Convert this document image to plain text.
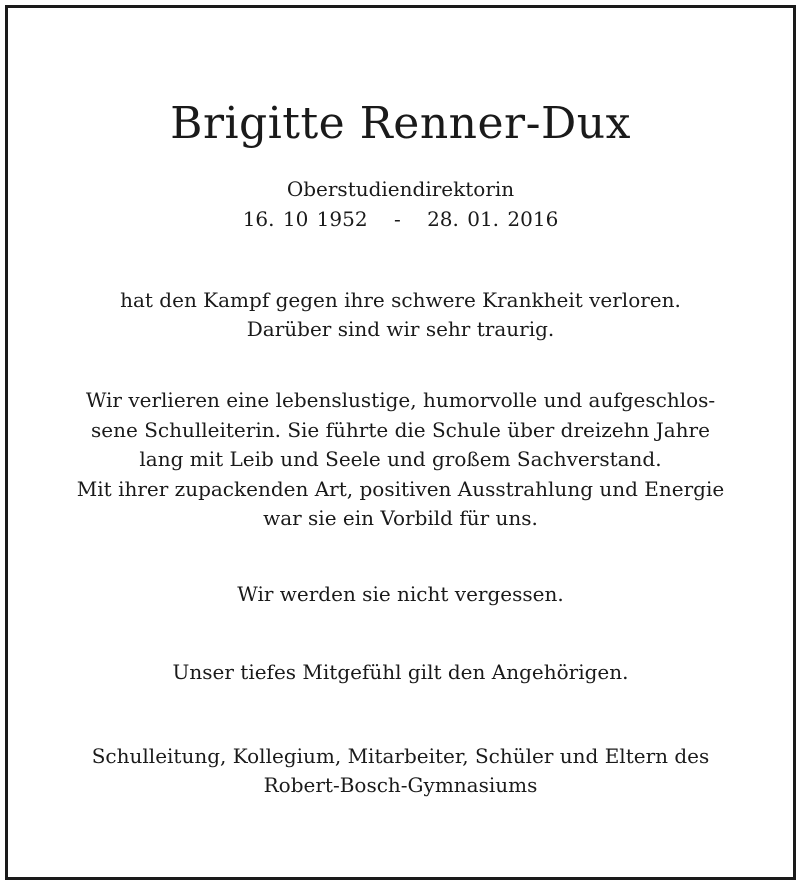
Brigitte Renner-Dux
Oberstudiendirektorin
16. 10 1952 - 28. 01. 2016
hat den Kampf gegen ihre schwere Krankheit verloren.
Darüber sind wir sehr traurig.
Wir verlieren eine lebenslustige, humorvolle und aufgeschlos-
sene Schulleiterin. Sie führte die Schule über dreizehn Jahre
lang mit Leib und Seele und großem Sachverstand.
Mit ihrer zupackenden Art, positiven Ausstrahlung und Energie
war sie ein Vorbild für uns.
Wir werden sie nicht vergessen.
Unser tiefes Mitgefühl gilt den Angehörigen.
Schulleitung, Kollegium, Mitarbeiter, Schüler und Eltern des
Robert-Bosch-Gymnasiums
